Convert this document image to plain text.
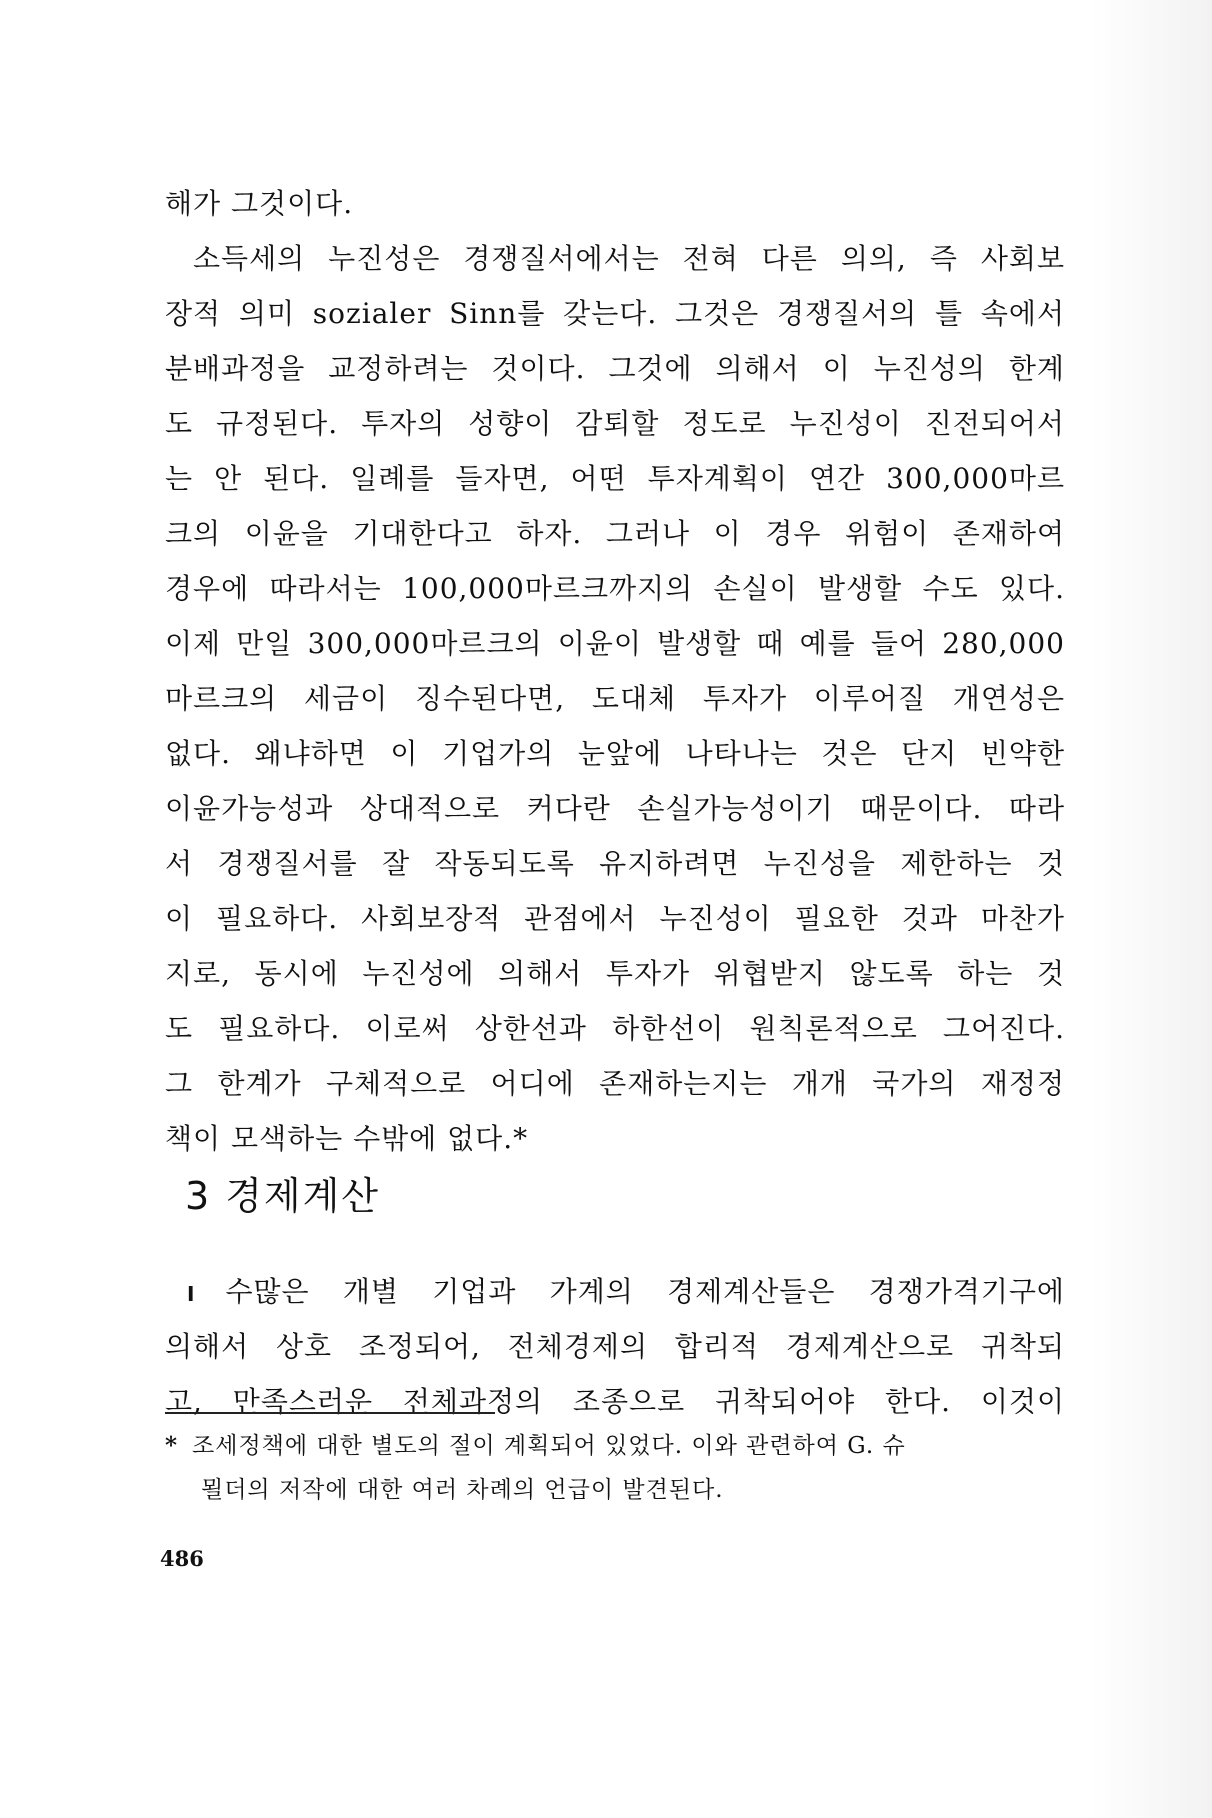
해가 그것이다.
소득세의 누진성은 경쟁질서에서는 전혀 다른 의의, 즉 사회보
장적 의미 sozialer Sinn를 갖는다. 그것은 경쟁질서의 틀 속에서
분배과정을 교정하려는 것이다. 그것에 의해서 이 누진성의 한계
도 규정된다. 투자의 성향이 감퇴할 정도로 누진성이 진전되어서
는 안 된다. 일례를 들자면, 어떤 투자계획이 연간 300,000마르
크의 이윤을 기대한다고 하자. 그러나 이 경우 위험이 존재하여
경우에 따라서는 100,000마르크까지의 손실이 발생할 수도 있다.
이제 만일 300,000마르크의 이윤이 발생할 때 예를 들어 280,000
마르크의 세금이 징수된다면, 도대체 투자가 이루어질 개연성은
없다. 왜냐하면 이 기업가의 눈앞에 나타나는 것은 단지 빈약한
이윤가능성과 상대적으로 커다란 손실가능성이기 때문이다. 따라
서 경쟁질서를 잘 작동되도록 유지하려면 누진성을 제한하는 것
이 필요하다. 사회보장적 관점에서 누진성이 필요한 것과 마찬가
지로, 동시에 누진성에 의해서 투자가 위협받지 않도록 하는 것
도 필요하다. 이로써 상한선과 하한선이 원칙론적으로 그어진다.
그 한계가 구체적으로 어디에 존재하는지는 개개 국가의 재정정
책이 모색하는 수밖에 없다.*
3 경제계산
I 수많은 개별 기업과 가계의 경제계산들은 경쟁가격기구에
의해서 상호 조정되어, 전체경제의 합리적 경제계산으로 귀착되
고, 만족스러운 전체과정의 조종으로 귀착되어야 한다. 이것이
* 조세정책에 대한 별도의 절이 계획되어 있었다. 이와 관련하여 G. 슈
묄더의 저작에 대한 여러 차례의 언급이 발견된다.
486
